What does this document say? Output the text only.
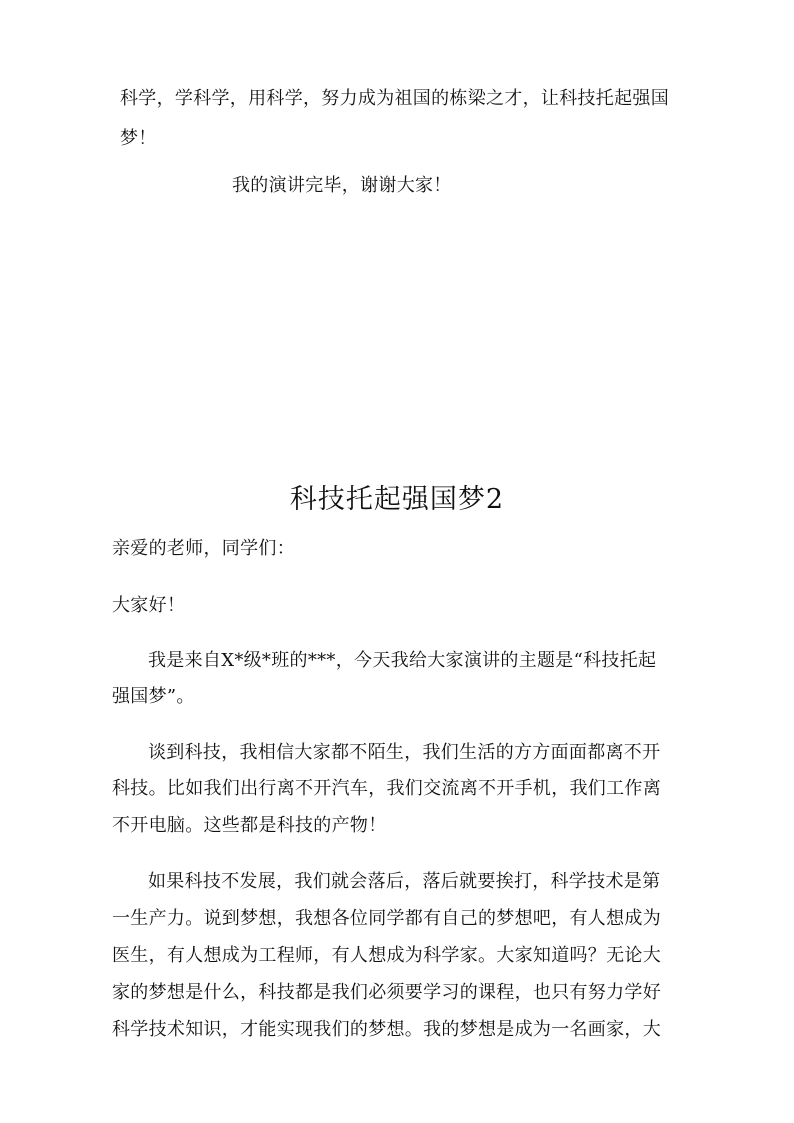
科学，学科学，用科学，努力成为祖国的栋梁之才，让科技托起强国
梦！
我的演讲完毕，谢谢大家！
科技托起强国梦2
亲爱的老师，同学们：
大家好！
我是来自X*级*班的***，今天我给大家演讲的主题是“科技托起
强国梦”。
谈到科技，我相信大家都不陌生，我们生活的方方面面都离不开
科技。比如我们出行离不开汽车，我们交流离不开手机，我们工作离
不开电脑。这些都是科技的产物！
如果科技不发展，我们就会落后，落后就要挨打，科学技术是第
一生产力。说到梦想，我想各位同学都有自己的梦想吧，有人想成为
医生，有人想成为工程师，有人想成为科学家。大家知道吗？无论大
家的梦想是什么，科技都是我们必须要学习的课程，也只有努力学好
科学技术知识，才能实现我们的梦想。我的梦想是成为一名画家，大
